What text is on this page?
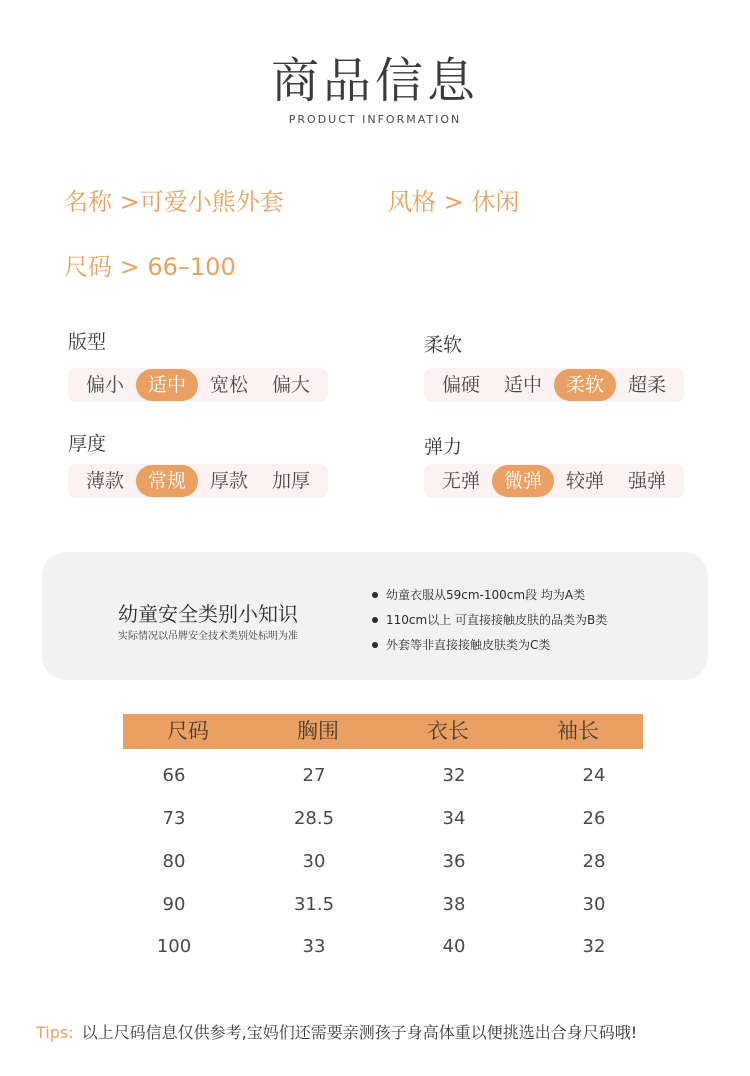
商品信息
PRODUCT INFORMATION
名称 >可爱小熊外套	风格 > 休闲
尺码 > 66–100
版型
偏小	适中	宽松	偏大
柔软
偏硬	适中	柔软	超柔
厚度
薄款	常规	厚款	加厚
弹力
无弹	微弹	较弹	强弹
幼童安全类别小知识
实际情况以吊牌安全技术类别处标明为准
幼童衣服从59cm-100cm段 均为A类
110cm以上 可直接接触皮肤的品类为B类
外套等非直接接触皮肤类为C类
尺码	胸围	衣长	袖长
66	27	32	24
73	28.5	34	26
80	30	36	28
90	31.5	38	30
100	33	40	32
Tips: 以上尺码信息仅供参考,宝妈们还需要亲测孩子身高体重以便挑选出合身尺码哦!
